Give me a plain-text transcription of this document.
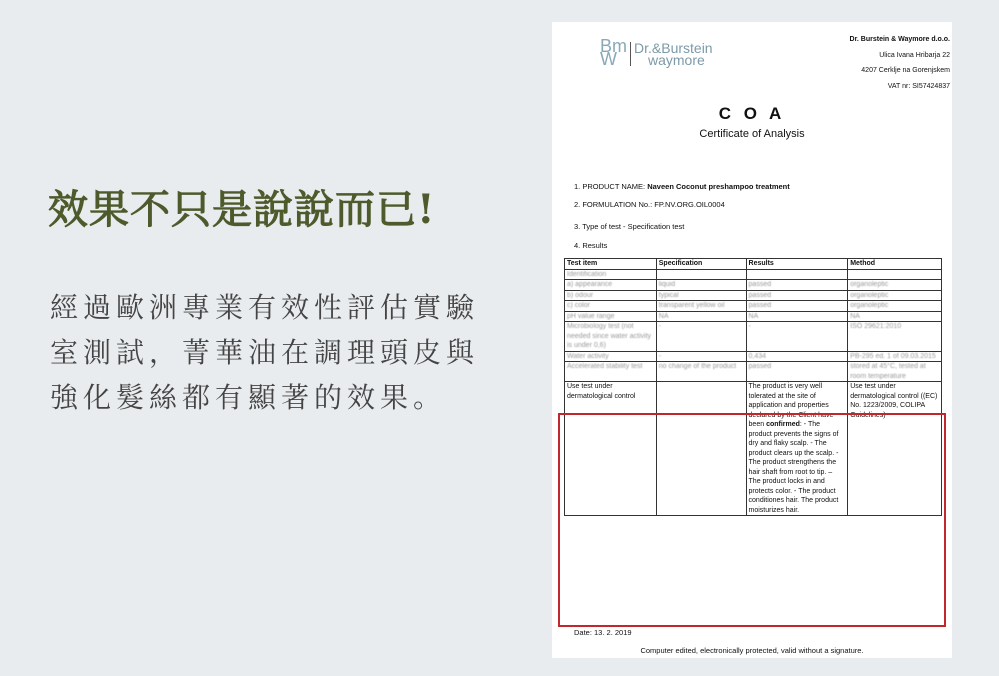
效果不只是說說而已!
經過歐洲專業有效性評估實驗室測試，菁華油在調理頭皮與強化髮絲都有顯著的效果。
Bm W
Dr.&Burstein
waymore
Dr. Burstein & Waymore d.o.o.
Ulica Ivana Hribarja 22
4207 Cerklje na Gorenjskem
VAT nr: SI57424837
C O A
Certificate of Analysis
1. PRODUCT NAME: Naveen Coconut preshampoo treatment
2. FORMULATION No.: FP.NV.ORG.OIL0004
3. Type of test - Specification test
4. Results
Test item	Specification	Results	Method
Identification			
a) appearance	liquid	passed	organoleptic
b) odour	typical	passed	organoleptic
c) color	transparent yellow oil	passed	organoleptic
pH value range	NA	NA	NA
Microbiology test (not needed since water activity is under 0,6)	-	-	ISO 29621:2010
Water activity	-	0,434	PB-295 ed. 1 of 09.03.2015
Accelerated stability test	no change of the product	passed	stored at 45°C, tested at room temperature
Use test under dermatological control		The product is very well tolerated at the site of application and properties declared by the Client have been confirmed: - The product prevents the signs of dry and flaky scalp. - The product clears up the scalp. - The product strengthens the hair shaft from root to tip. – The product locks in and protects color. - The product conditiones hair. The product moisturizes hair.	Use test under dermatological control ((EC) No. 1223/2009, COLIPA Guidelines)
Date: 13. 2. 2019
Computer edited, electronically protected, valid without a signature.
